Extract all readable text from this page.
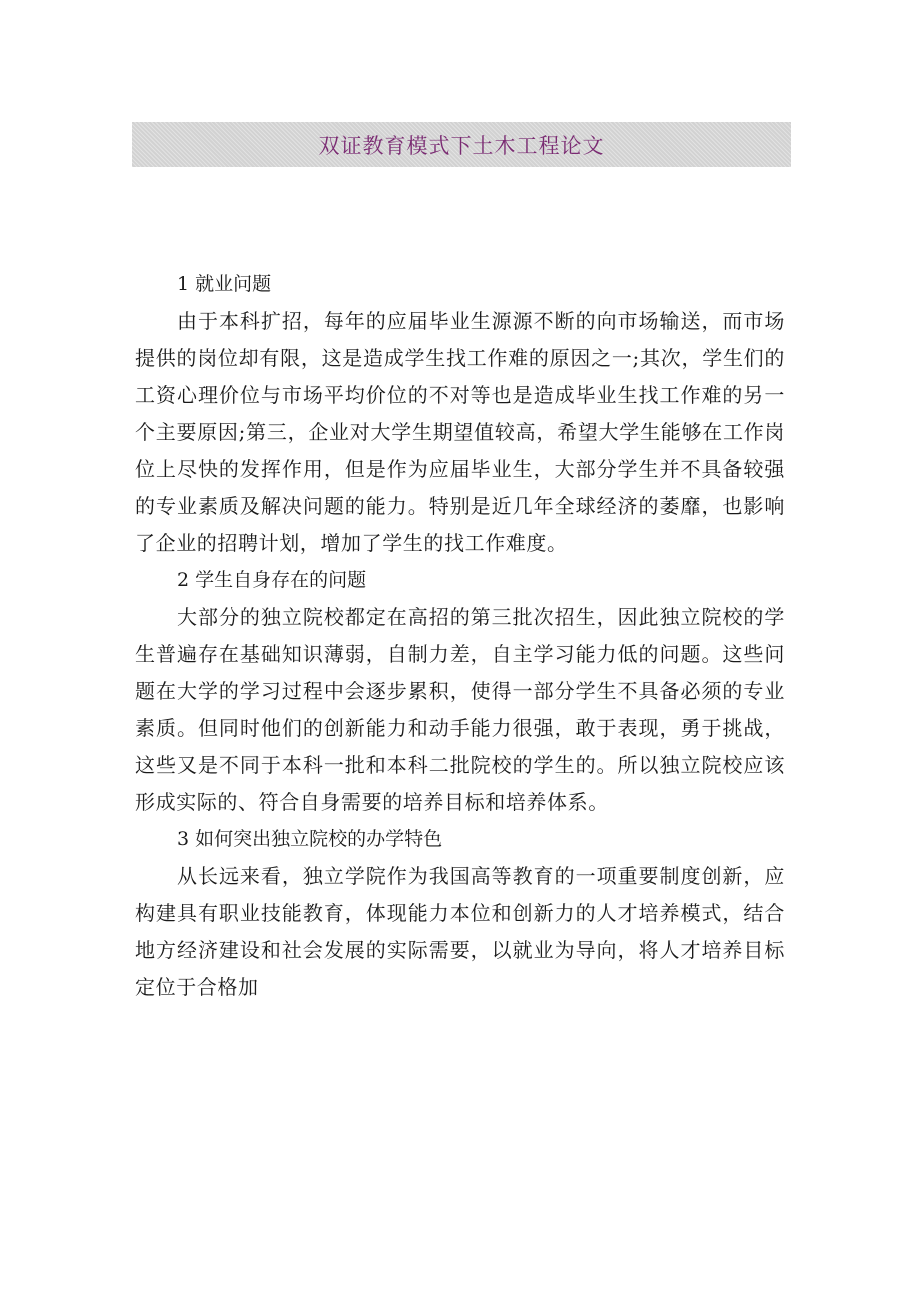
双证教育模式下土木工程论文

1 就业问题

由于本科扩招，每年的应届毕业生源源不断的向市场输送，而市场提供的岗位却有限，这是造成学生找工作难的原因之一;其次，学生们的工资心理价位与市场平均价位的不对等也是造成毕业生找工作难的另一个主要原因;第三，企业对大学生期望值较高，希望大学生能够在工作岗位上尽快的发挥作用，但是作为应届毕业生，大部分学生并不具备较强的专业素质及解决问题的能力。特别是近几年全球经济的萎靡，也影响了企业的招聘计划，增加了学生的找工作难度。

2 学生自身存在的问题

大部分的独立院校都定在高招的第三批次招生，因此独立院校的学生普遍存在基础知识薄弱，自制力差，自主学习能力低的问题。这些问题在大学的学习过程中会逐步累积，使得一部分学生不具备必须的专业素质。但同时他们的创新能力和动手能力很强，敢于表现，勇于挑战，这些又是不同于本科一批和本科二批院校的学生的。所以独立院校应该形成实际的、符合自身需要的培养目标和培养体系。

3 如何突出独立院校的办学特色

从长远来看，独立学院作为我国高等教育的一项重要制度创新，应构建具有职业技能教育，体现能力本位和创新力的人才培养模式，结合地方经济建设和社会发展的实际需要，以就业为导向，将人才培养目标定位于合格加
